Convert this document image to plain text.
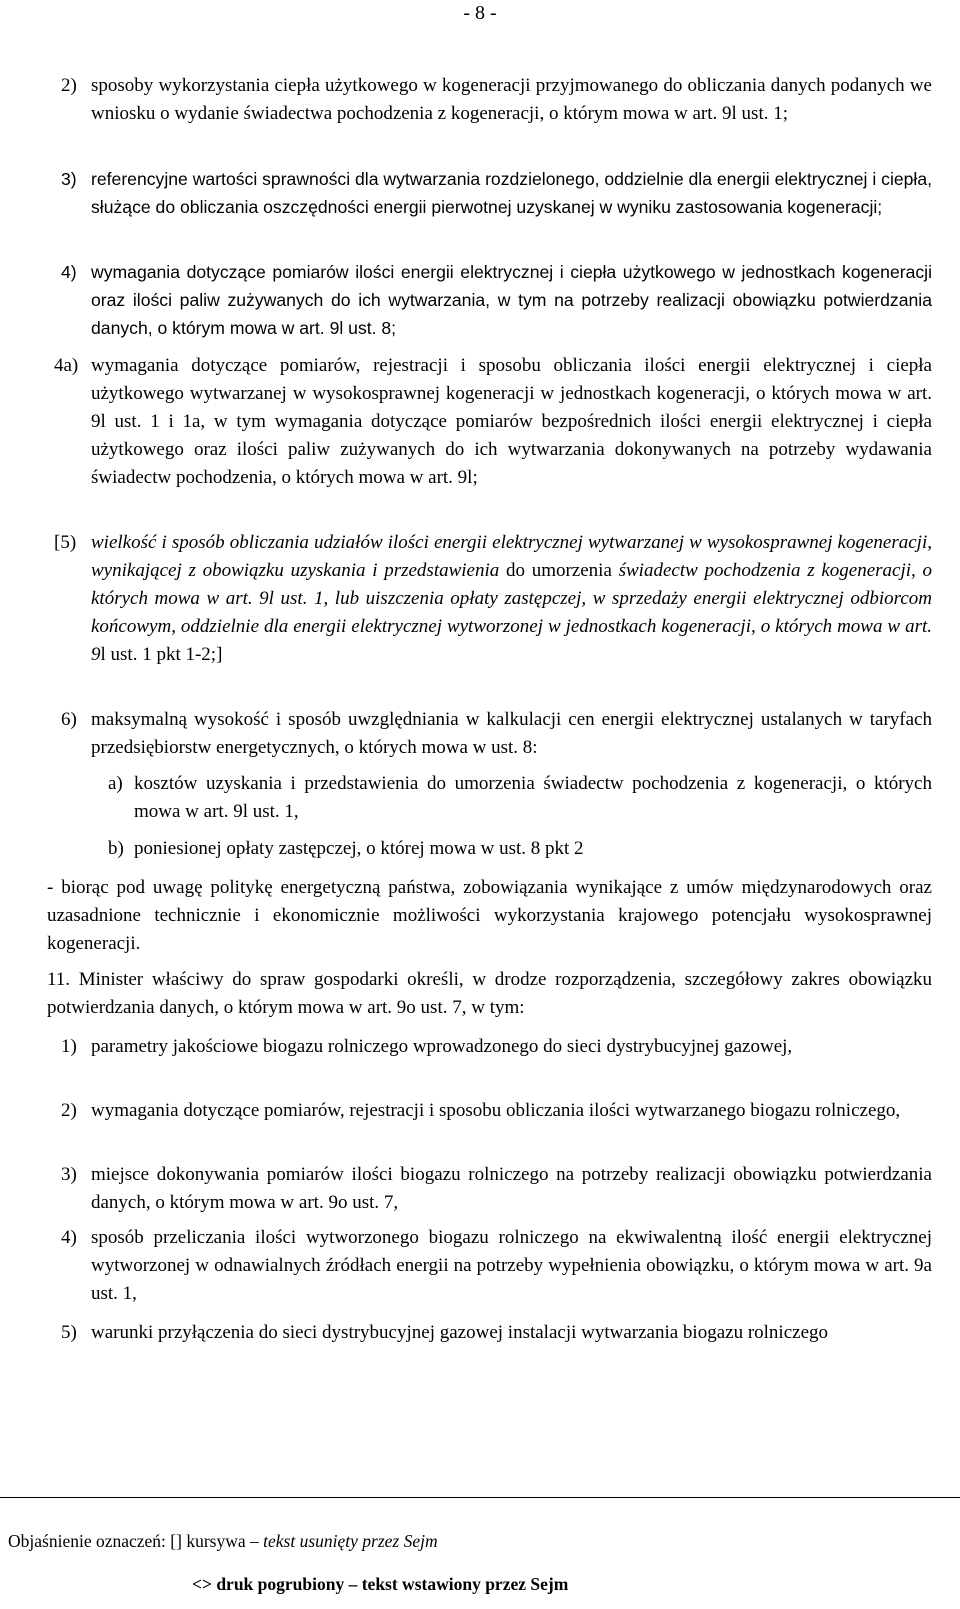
- 8 -
2) sposoby wykorzystania ciepła użytkowego w kogeneracji przyjmowanego do obliczania danych podanych we wniosku o wydanie świadectwa pochodzenia z kogeneracji, o którym mowa w art. 9l ust. 1;
3) referencyjne wartości sprawności dla wytwarzania rozdzielonego, oddzielnie dla energii elektrycznej i ciepła, służące do obliczania oszczędności energii pierwotnej uzyskanej w wyniku zastosowania kogeneracji;
4) wymagania dotyczące pomiarów ilości energii elektrycznej i ciepła użytkowego w jednostkach kogeneracji oraz ilości paliw zużywanych do ich wytwarzania, w tym na potrzeby realizacji obowiązku potwierdzania danych, o którym mowa w art. 9l ust. 8;
4a) wymagania dotyczące pomiarów, rejestracji i sposobu obliczania ilości energii elektrycznej i ciepła użytkowego wytwarzanej w wysokosprawnej kogeneracji w jednostkach kogeneracji, o których mowa w art. 9l ust. 1 i 1a, w tym wymagania dotyczące pomiarów bezpośrednich ilości energii elektrycznej i ciepła użytkowego oraz ilości paliw zużywanych do ich wytwarzania dokonywanych na potrzeby wydawania świadectw pochodzenia, o których mowa w art. 9l;
[5) wielkość i sposób obliczania udziałów ilości energii elektrycznej wytwarzanej w wysokosprawnej kogeneracji, wynikającej z obowiązku uzyskania i przedstawienia do umorzenia świadectw pochodzenia z kogeneracji, o których mowa w art. 9l ust. 1, lub uiszczenia opłaty zastępczej, w sprzedaży energii elektrycznej odbiorcom końcowym, oddzielnie dla energii elektrycznej wytworzonej w jednostkach kogeneracji, o których mowa w art. 9l ust. 1 pkt 1-2;]
6) maksymalną wysokość i sposób uwzględniania w kalkulacji cen energii elektrycznej ustalanych w taryfach przedsiębiorstw energetycznych, o których mowa w ust. 8:
a) kosztów uzyskania i przedstawienia do umorzenia świadectw pochodzenia z kogeneracji, o których mowa w art. 9l ust. 1,
b) poniesionej opłaty zastępczej, o której mowa w ust. 8 pkt 2
- biorąc pod uwagę politykę energetyczną państwa, zobowiązania wynikające z umów międzynarodowych oraz uzasadnione technicznie i ekonomicznie możliwości wykorzystania krajowego potencjału wysokosprawnej kogeneracji.
11. Minister właściwy do spraw gospodarki określi, w drodze rozporządzenia, szczegółowy zakres obowiązku potwierdzania danych, o którym mowa w art. 9o ust. 7, w tym:
1) parametry jakościowe biogazu rolniczego wprowadzonego do sieci dystrybucyjnej gazowej,
2) wymagania dotyczące pomiarów, rejestracji i sposobu obliczania ilości wytwarzanego biogazu rolniczego,
3) miejsce dokonywania pomiarów ilości biogazu rolniczego na potrzeby realizacji obowiązku potwierdzania danych, o którym mowa w art. 9o ust. 7,
4) sposób przeliczania ilości wytworzonego biogazu rolniczego na ekwiwalentną ilość energii elektrycznej wytworzonej w odnawialnych źródłach energii na potrzeby wypełnienia obowiązku, o którym mowa w art. 9a ust. 1,
5) warunki przyłączenia do sieci dystrybucyjnej gazowej instalacji wytwarzania biogazu rolniczego
Objaśnienie oznaczeń: [] kursywa – tekst usunięty przez Sejm
<> druk pogrubiony – tekst wstawiony przez Sejm
